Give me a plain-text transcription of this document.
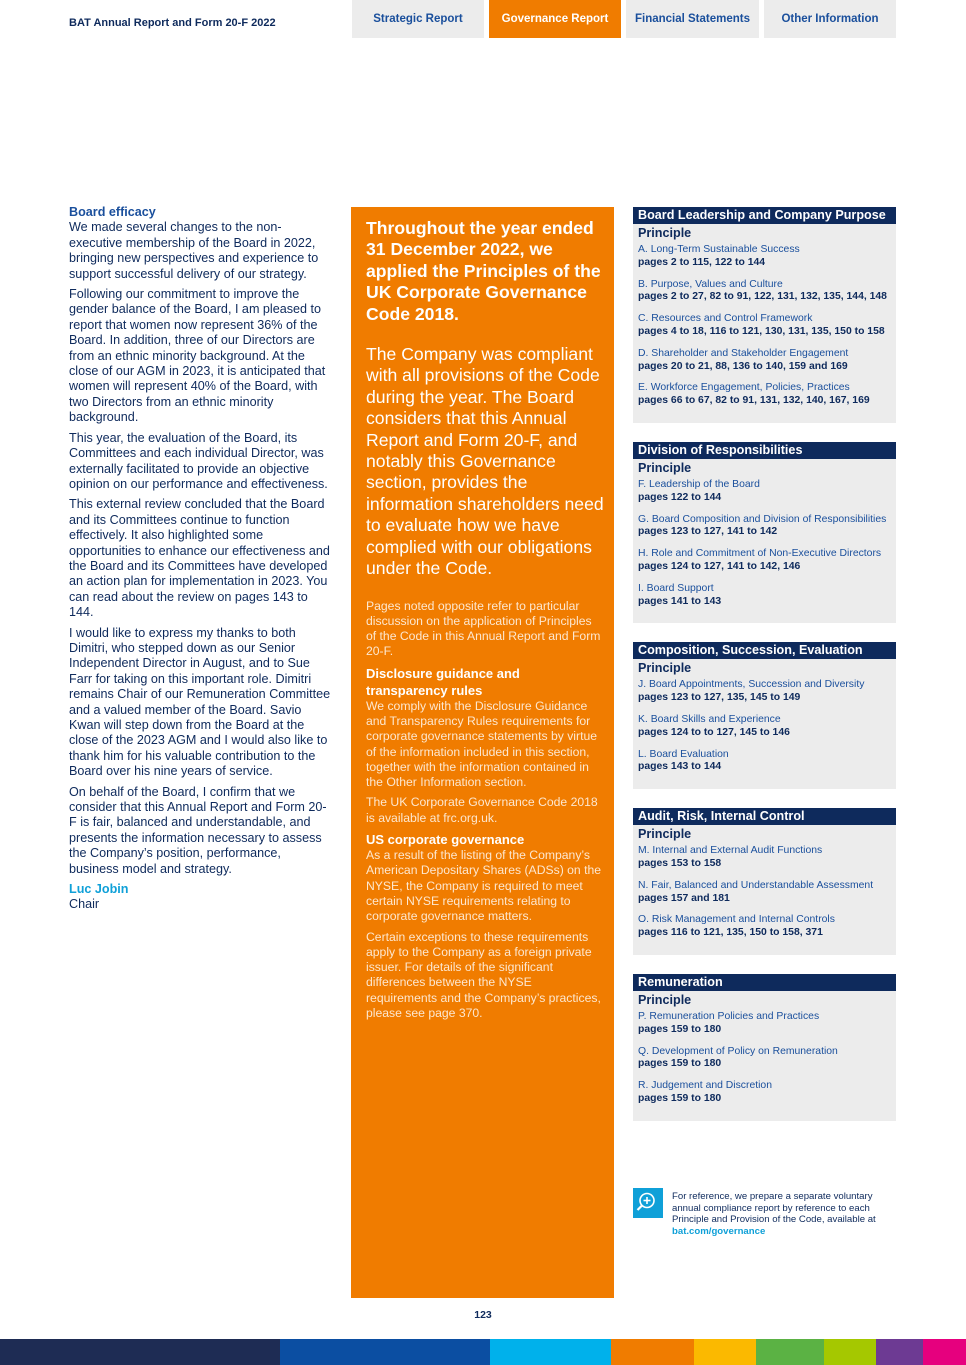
BAT Annual Report and Form 20-F 2022	Strategic Report	Governance Report	Financial Statements	Other Information
Board efficacy

We made several changes to the non-executive membership of the Board in 2022, bringing new perspectives and experience to support successful delivery of our strategy.

Following our commitment to improve the gender balance of the Board, I am pleased to report that women now represent 36% of the Board. In addition, three of our Directors are from an ethnic minority background. At the close of our AGM in 2023, it is anticipated that women will represent 40% of the Board, with two Directors from an ethnic minority background.

This year, the evaluation of the Board, its Committees and each individual Director, was externally facilitated to provide an objective opinion on our performance and effectiveness.

This external review concluded that the Board and its Committees continue to function effectively. It also highlighted some opportunities to enhance our effectiveness and the Board and its Committees have developed an action plan for implementation in 2023. You can read about the review on pages 143 to 144.

I would like to express my thanks to both Dimitri, who stepped down as our Senior Independent Director in August, and to Sue Farr for taking on this important role. Dimitri remains Chair of our Remuneration Committee and a valued member of the Board. Savio Kwan will step down from the Board at the close of the 2023 AGM and I would also like to thank him for his valuable contribution to the Board over his nine years of service.

On behalf of the Board, I confirm that we consider that this Annual Report and Form 20-F is fair, balanced and understandable, and presents the information necessary to assess the Company’s position, performance, business model and strategy.

Luc Jobin
Chair

Throughout the year ended 31 December 2022, we applied the Principles of the UK Corporate Governance Code 2018.

The Company was compliant with all provisions of the Code during the year. The Board considers that this Annual Report and Form 20-F, and notably this Governance section, provides the information shareholders need to evaluate how we have complied with our obligations under the Code.

Pages noted opposite refer to particular discussion on the application of Principles of the Code in this Annual Report and Form 20-F.

Disclosure guidance and transparency rules

We comply with the Disclosure Guidance and Transparency Rules requirements for corporate governance statements by virtue of the information included in this section, together with the information contained in the Other Information section.

The UK Corporate Governance Code 2018 is available at frc.org.uk.

US corporate governance

As a result of the listing of the Company’s American Depositary Shares (ADSs) on the NYSE, the Company is required to meet certain NYSE requirements relating to corporate governance matters.

Certain exceptions to these requirements apply to the Company as a foreign private issuer. For details of the significant differences between the NYSE requirements and the Company’s practices, please see page 370.

Board Leadership and Company Purpose
Principle
A. Long-Term Sustainable Success
pages 2 to 115, 122 to 144
B. Purpose, Values and Culture
pages 2 to 27, 82 to 91, 122, 131, 132, 135, 144, 148
C. Resources and Control Framework
pages 4 to 18, 116 to 121, 130, 131, 135, 150 to 158
D. Shareholder and Stakeholder Engagement
pages 20 to 21, 88, 136 to 140, 159 and 169
E. Workforce Engagement, Policies, Practices
pages 66 to 67, 82 to 91, 131, 132, 140, 167, 169
Division of Responsibilities
Principle
F. Leadership of the Board
pages 122 to 144
G. Board Composition and Division of Responsibilities
pages 123 to 127, 141 to 142
H. Role and Commitment of Non-Executive Directors
pages 124 to 127, 141 to 142, 146
I. Board Support
pages 141 to 143
Composition, Succession, Evaluation
Principle
J. Board Appointments, Succession and Diversity
pages 123 to 127, 135, 145 to 149
K. Board Skills and Experience
pages 124 to to 127, 145 to 146
L. Board Evaluation
pages 143 to 144
Audit, Risk, Internal Control
Principle
M. Internal and External Audit Functions
pages 153 to 158
N. Fair, Balanced and Understandable Assessment
pages 157 and 181
O. Risk Management and Internal Controls
pages 116 to 121, 135, 150 to 158, 371
Remuneration
Principle
P. Remuneration Policies and Practices
pages 159 to 180
Q. Development of Policy on Remuneration
pages 159 to 180
R. Judgement and Discretion
pages 159 to 180
For reference, we prepare a separate voluntary annual compliance report by reference to each Principle and Provision of the Code, available at bat.com/governance
123
